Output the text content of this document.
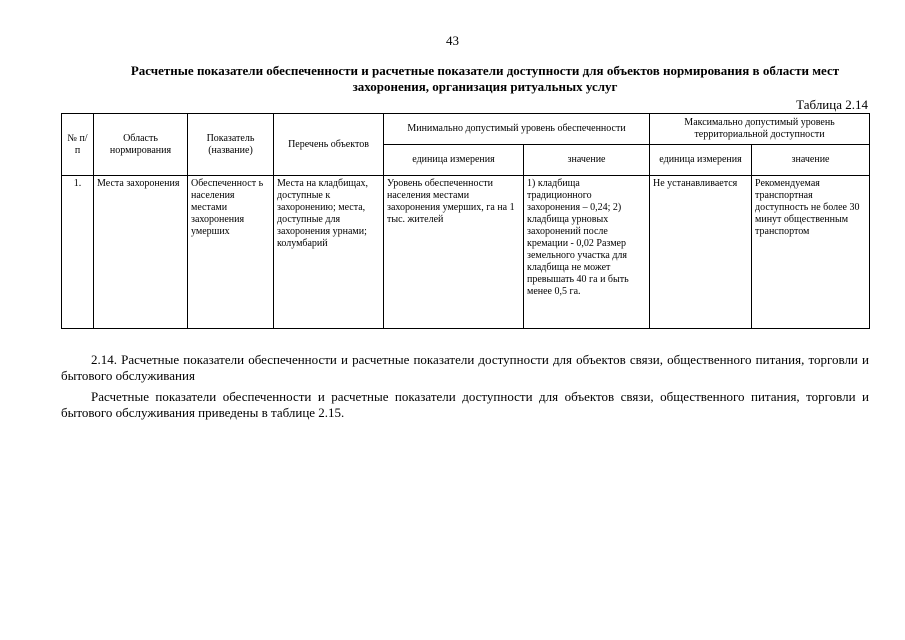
43
Расчетные показатели обеспеченности и расчетные показатели доступности для объектов нормирования в области мест захоронения, организация ритуальных услуг
Таблица 2.14
№ п/п	Область нормирования	Показатель (название)	Перечень объектов	Минимально допустимый уровень обеспеченности		Максимально допустимый уровень территориальной доступности	
				единица измерения	значение	единица измерения	значение
1.	Места захоронения	Обеспеченност ь населения местами захоронения умерших	Места на кладбищах, доступные к захоронению; места, доступные для захоронения урнами; колумбарий	Уровень обеспеченности населения местами захоронения умерших, га на 1 тыс. жителей	1) кладбища традиционного захоронения – 0,24; 2) кладбища урновых захоронений после кремации - 0,02 Размер земельного участка для кладбища не может превышать 40 га и быть менее 0,5 га.	Не устанавливается	Рекомендуемая транспортная доступность не более 30 минут общественным транспортом
2.14. Расчетные показатели обеспеченности и расчетные показатели доступности для объектов связи, общественного питания, торговли и бытового обслуживания
Расчетные показатели обеспеченности и расчетные показатели доступности для объектов связи, общественного питания, торговли и бытового обслуживания приведены в таблице 2.15.
